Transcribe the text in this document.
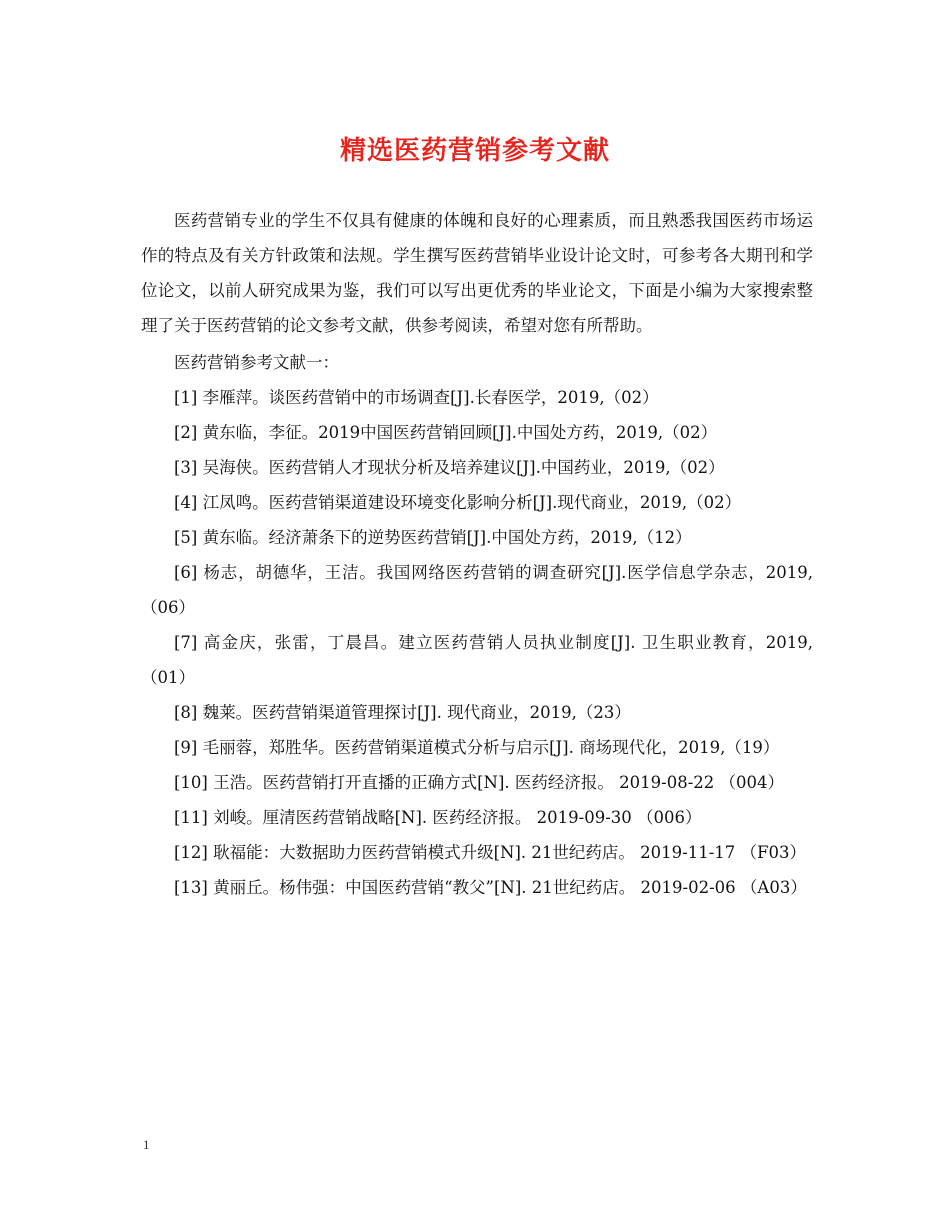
精选医药营销参考文献

医药营销专业的学生不仅具有健康的体魄和良好的心理素质，而且熟悉我国医药市场运作的特点及有关方针政策和法规。学生撰写医药营销毕业设计论文时，可参考各大期刊和学位论文，以前人研究成果为鉴，我们可以写出更优秀的毕业论文，下面是小编为大家搜索整理了关于医药营销的论文参考文献，供参考阅读，希望对您有所帮助。

医药营销参考文献一：

[1] 李雁萍。谈医药营销中的市场调查[J].长春医学，2019,（02）

[2] 黄东临，李征。2019中国医药营销回顾[J].中国处方药，2019,（02）

[3] 吴海侠。医药营销人才现状分析及培养建议[J].中国药业，2019,（02）

[4] 江凤鸣。医药营销渠道建设环境变化影响分析[J].现代商业，2019,（02）

[5] 黄东临。经济萧条下的逆势医药营销[J].中国处方药，2019,（12）

[6] 杨志，胡德华，王洁。我国网络医药营销的调查研究[J].医学信息学杂志，2019,（06）

[7] 高金庆，张雷，丁晨昌。建立医药营销人员执业制度[J]. 卫生职业教育，2019,（01）

[8] 魏莱。医药营销渠道管理探讨[J]. 现代商业，2019,（23）

[9] 毛丽蓉，郑胜华。医药营销渠道模式分析与启示[J]. 商场现代化，2019,（19）

[10] 王浩。医药营销打开直播的正确方式[N]. 医药经济报。 2019-08-22 （004）

[11] 刘峻。厘清医药营销战略[N]. 医药经济报。 2019-09-30 （006）

[12] 耿福能：大数据助力医药营销模式升级[N]. 21世纪药店。 2019-11-17 （F03）

[13] 黄丽丘。杨伟强：中国医药营销“教父”[N]. 21世纪药店。 2019-02-06 （A03）

1
